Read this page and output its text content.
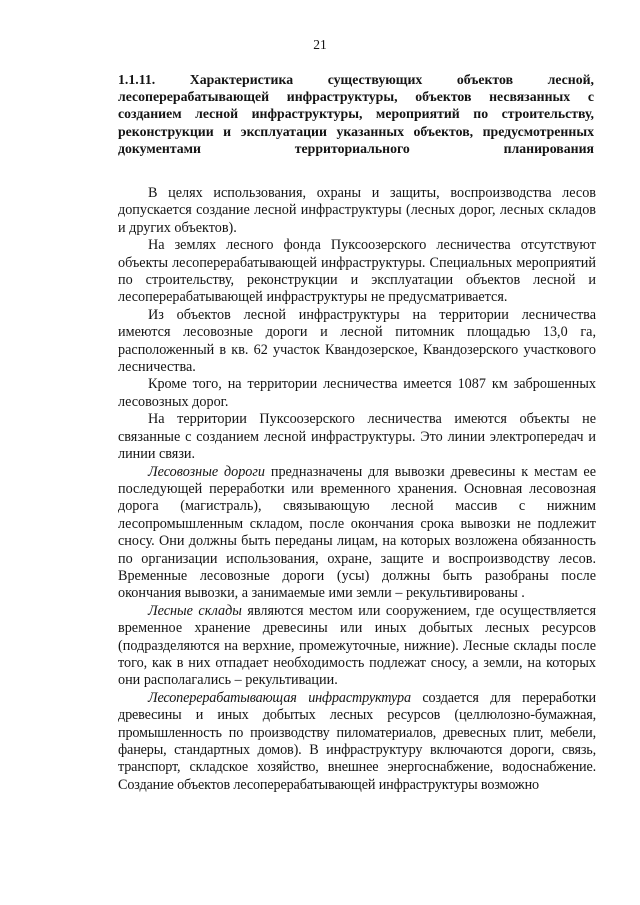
21
1.1.11. Характеристика существующих объектов лесной, лесоперерабатывающей инфраструктуры, объектов несвязанных с созданием лесной инфраструктуры, мероприятий по строительству, реконструкции и эксплуатации указанных объектов, предусмотренных документами территориального планирования

В целях использования, охраны и защиты, воспроизводства лесов допускается создание лесной инфраструктуры (лесных дорог, лесных складов и других объектов).

На землях лесного фонда Пуксоозерского лесничества отсутствуют объекты лесоперерабатывающей инфраструктуры. Специальных мероприятий по строительству, реконструкции и эксплуатации объектов лесной и лесоперерабатывающей инфраструктуры не предусматривается.

Из объектов лесной инфраструктуры на территории лесничества имеются лесовозные дороги и лесной питомник площадью 13,0 га, расположенный в кв. 62 участок Квандозерское, Квандозерского участкового лесничества.

Кроме того, на территории лесничества имеется 1087 км заброшенных лесовозных дорог.

На территории Пуксоозерского лесничества имеются объекты не связанные с созданием лесной инфраструктуры. Это линии электропередач и линии связи.

Лесовозные дороги предназначены для вывозки древесины к местам ее последующей переработки или временного хранения. Основная лесовозная дорога (магистраль), связывающую лесной массив с нижним лесопромышленным складом, после окончания срока вывозки не подлежит сносу. Они должны быть переданы лицам, на которых возложена обязанность по организации использования, охране, защите и воспроизводству лесов. Временные лесовозные дороги (усы) должны быть разобраны после окончания вывозки, а занимаемые ими земли – рекультивированы .

Лесные склады являются местом или сооружением, где осуществляется временное хранение древесины или иных добытых лесных ресурсов (подразделяются на верхние, промежуточные, нижние). Лесные склады после того, как в них отпадает необходимость подлежат сносу, а земли, на которых они располагались – рекультивации.

Лесоперерабатывающая инфраструктура создается для переработки древесины и иных добытых лесных ресурсов (целлюлозно-бумажная, промышленность по производству пиломатериалов, древесных плит, мебели, фанеры, стандартных домов). В инфраструктуру включаются дороги, связь, транспорт, складское хозяйство, внешнее энергоснабжение, водоснабжение. Создание объектов лесоперерабатывающей инфраструктуры возможно
